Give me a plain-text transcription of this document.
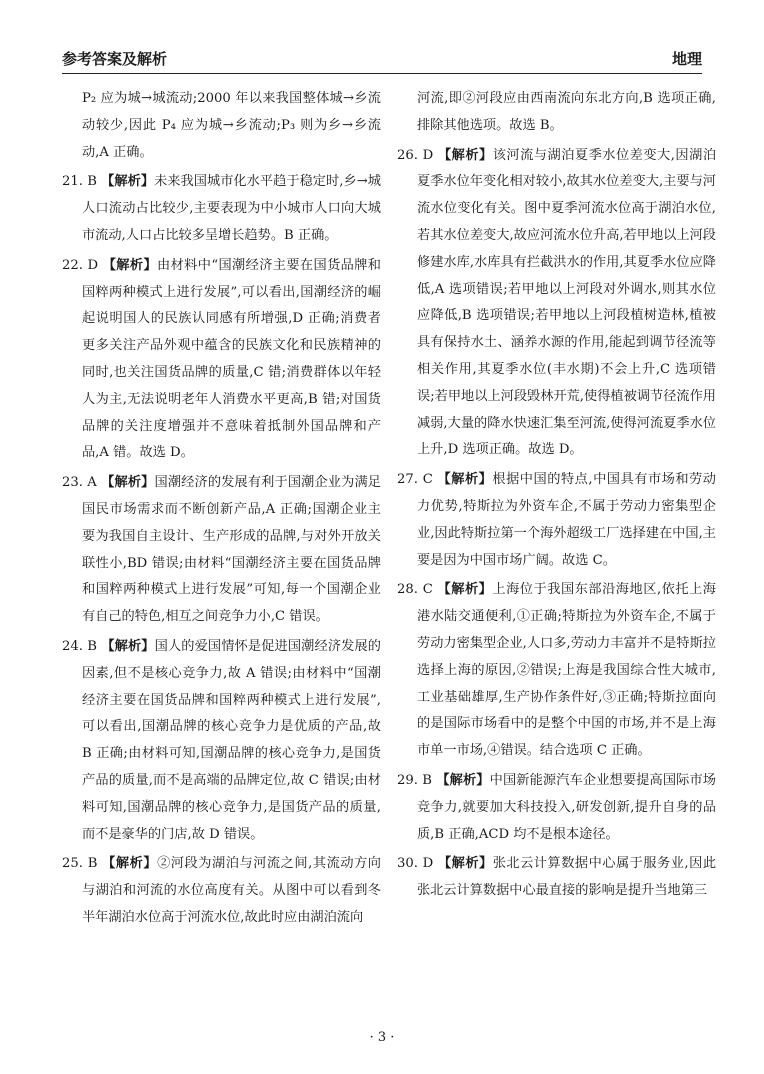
参考答案及解析	地理
P₂ 应为城→城流动;2000 年以来我国整体城→乡流动较少,因此 P₄ 应为城→乡流动;P₃ 则为乡→乡流动,A 正确。
21. B 【解析】未来我国城市化水平趋于稳定时,乡→城人口流动占比较少,主要表现为中小城市人口向大城市流动,人口占比较多呈增长趋势。B 正确。
22. D 【解析】由材料中“国潮经济主要在国货品牌和国粹两种模式上进行发展”,可以看出,国潮经济的崛起说明国人的民族认同感有所增强,D 正确;消费者更多关注产品外观中蕴含的民族文化和民族精神的同时,也关注国货品牌的质量,C 错;消费群体以年轻人为主,无法说明老年人消费水平更高,B 错;对国货品牌的关注度增强并不意味着抵制外国品牌和产品,A 错。故选 D。
23. A 【解析】国潮经济的发展有利于国潮企业为满足国民市场需求而不断创新产品,A 正确;国潮企业主要为我国自主设计、生产形成的品牌,与对外开放关联性小,BD 错误;由材料“国潮经济主要在国货品牌和国粹两种模式上进行发展”可知,每一个国潮企业有自己的特色,相互之间竞争力小,C 错误。
24. B 【解析】国人的爱国情怀是促进国潮经济发展的因素,但不是核心竞争力,故 A 错误;由材料中“国潮经济主要在国货品牌和国粹两种模式上进行发展”,可以看出,国潮品牌的核心竞争力是优质的产品,故 B 正确;由材料可知,国潮品牌的核心竞争力,是国货产品的质量,而不是高端的品牌定位,故 C 错误;由材料可知,国潮品牌的核心竞争力,是国货产品的质量,而不是豪华的门店,故 D 错误。
25. B 【解析】②河段为湖泊与河流之间,其流动方向与湖泊和河流的水位高度有关。从图中可以看到冬半年湖泊水位高于河流水位,故此时应由湖泊流向
河流,即②河段应由西南流向东北方向,B 选项正确,排除其他选项。故选 B。
26. D 【解析】该河流与湖泊夏季水位差变大,因湖泊夏季水位年变化相对较小,故其水位差变大,主要与河流水位变化有关。图中夏季河流水位高于湖泊水位,若其水位差变大,故应河流水位升高,若甲地以上河段修建水库,水库具有拦截洪水的作用,其夏季水位应降低,A 选项错误;若甲地以上河段对外调水,则其水位应降低,B 选项错误;若甲地以上河段植树造林,植被具有保持水土、涵养水源的作用,能起到调节径流等相关作用,其夏季水位(丰水期)不会上升,C 选项错误;若甲地以上河段毁林开荒,使得植被调节径流作用减弱,大量的降水快速汇集至河流,使得河流夏季水位上升,D 选项正确。故选 D。
27. C 【解析】根据中国的特点,中国具有市场和劳动力优势,特斯拉为外资车企,不属于劳动力密集型企业,因此特斯拉第一个海外超级工厂选择建在中国,主要是因为中国市场广阔。故选 C。
28. C 【解析】上海位于我国东部沿海地区,依托上海港水陆交通便利,①正确;特斯拉为外资车企,不属于劳动力密集型企业,人口多,劳动力丰富并不是特斯拉选择上海的原因,②错误;上海是我国综合性大城市,工业基础雄厚,生产协作条件好,③正确;特斯拉面向的是国际市场看中的是整个中国的市场,并不是上海市单一市场,④错误。结合选项 C 正确。
29. B 【解析】中国新能源汽车企业想要提高国际市场竞争力,就要加大科技投入,研发创新,提升自身的品质,B 正确,ACD 均不是根本途径。
30. D 【解析】张北云计算数据中心属于服务业,因此张北云计算数据中心最直接的影响是提升当地第三
· 3 ·
